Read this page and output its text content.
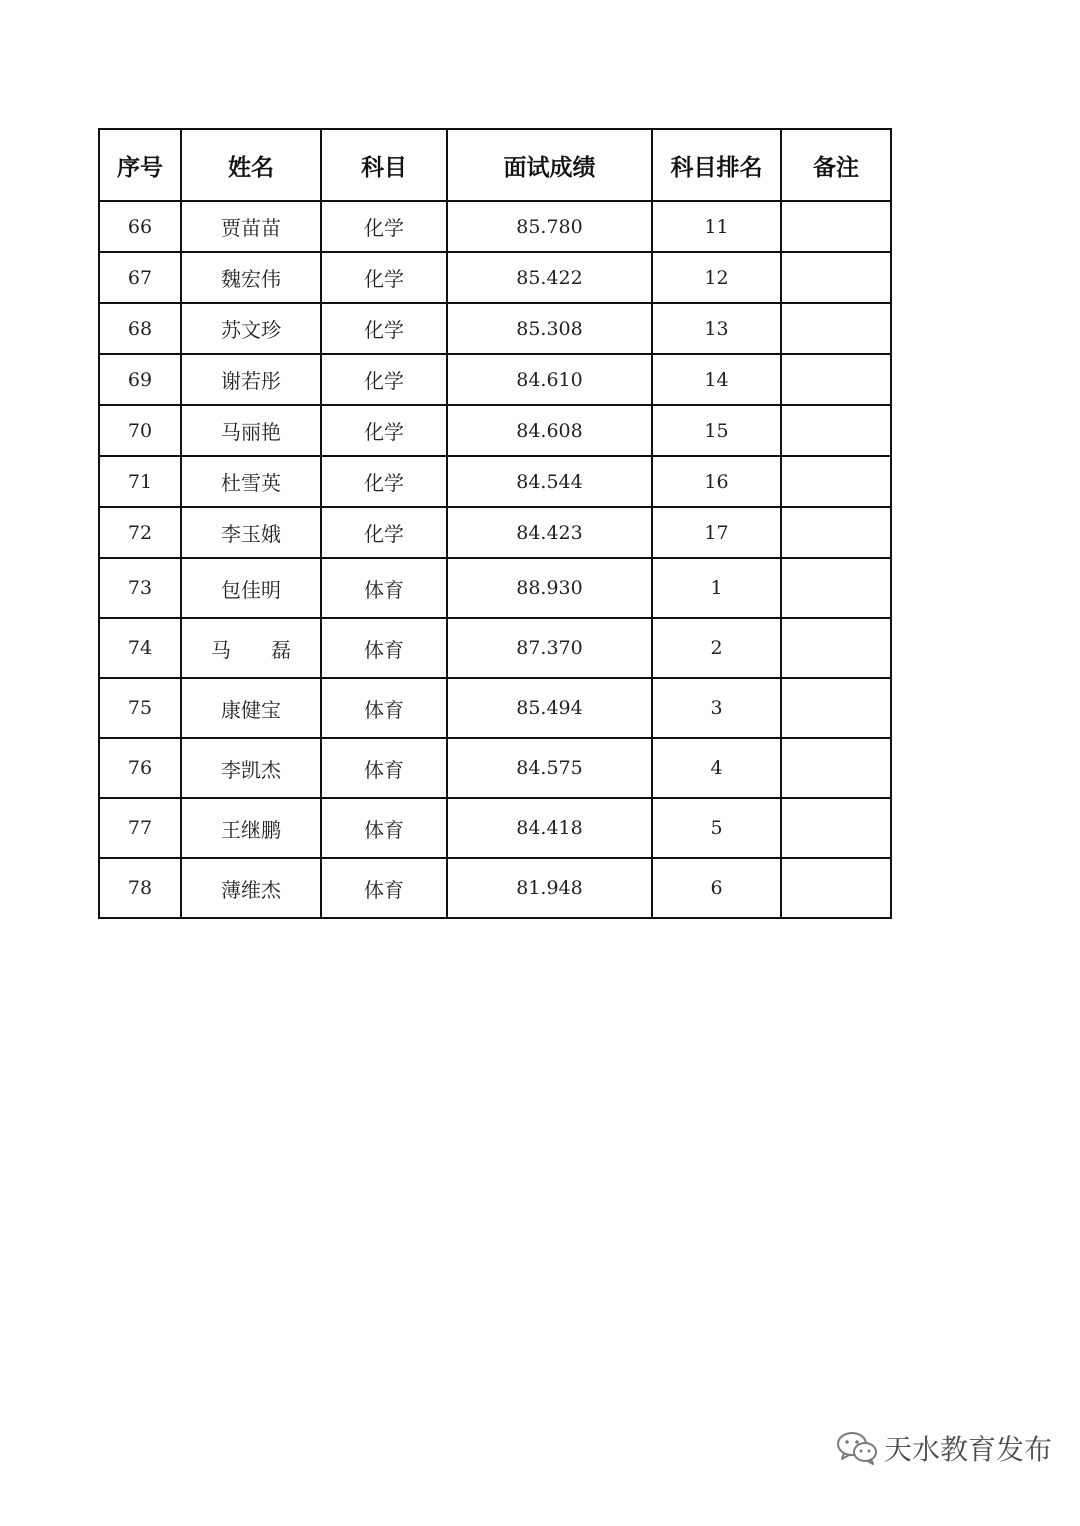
序号	姓名	科目	面试成绩	科目排名	备注
66	贾苗苗	化学	85.780	11	
67	魏宏伟	化学	85.422	12	
68	苏文珍	化学	85.308	13	
69	谢若彤	化学	84.610	14	
70	马丽艳	化学	84.608	15	
71	杜雪英	化学	84.544	16	
72	李玉娥	化学	84.423	17	
73	包佳明	体育	88.930	1	
74	马　　磊	体育	87.370	2	
75	康健宝	体育	85.494	3	
76	李凯杰	体育	84.575	4	
77	王继鹏	体育	84.418	5	
78	薄维杰	体育	81.948	6	
天水教育发布
